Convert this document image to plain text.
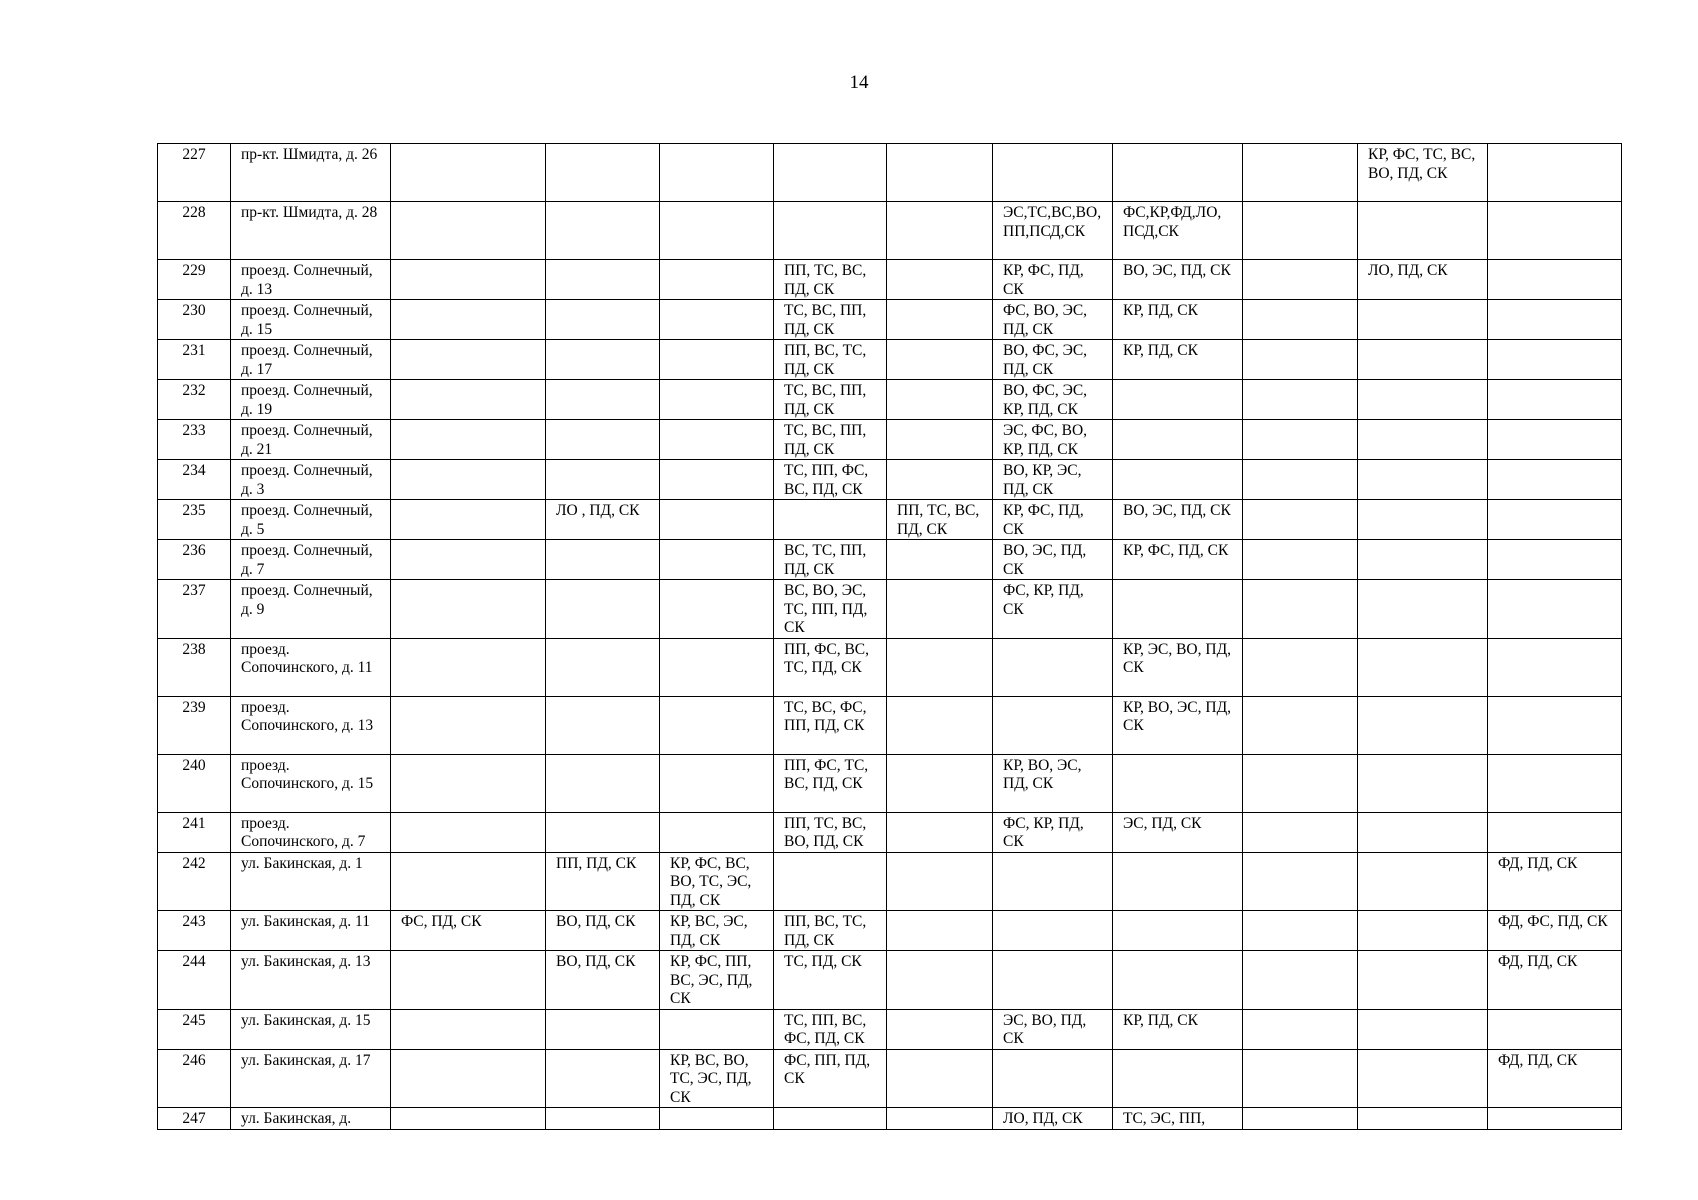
14
227	пр-кт. Шмидта, д. 26									КР, ФС, ТС, ВС, ВО, ПД, СК	
228	пр-кт. Шмидта, д. 28						ЭС,ТС,ВС,ВО,ПП,ПСД,СК	ФС,КР,ФД,ЛО, ПСД,СК			
229	проезд. Солнечный, д. 13				ПП, ТС, ВС, ПД, СК		КР, ФС, ПД, СК	ВО, ЭС, ПД, СК		ЛО, ПД, СК	
230	проезд. Солнечный, д. 15				ТС, ВС, ПП, ПД, СК		ФС, ВО, ЭС, ПД, СК	КР, ПД, СК			
231	проезд. Солнечный, д. 17				ПП, ВС, ТС, ПД, СК		ВО, ФС, ЭС, ПД, СК	КР, ПД, СК			
232	проезд. Солнечный, д. 19				ТС, ВС, ПП, ПД, СК		ВО, ФС, ЭС, КР, ПД, СК				
233	проезд. Солнечный, д. 21				ТС, ВС, ПП, ПД, СК		ЭС, ФС, ВО, КР, ПД, СК				
234	проезд. Солнечный, д. 3				ТС, ПП, ФС, ВС, ПД, СК		ВО, КР, ЭС, ПД, СК				
235	проезд. Солнечный, д. 5		ЛО , ПД, СК			ПП, ТС, ВС, ПД, СК	КР, ФС, ПД, СК	ВО, ЭС, ПД, СК			
236	проезд. Солнечный, д. 7				ВС, ТС, ПП, ПД, СК		ВО, ЭС, ПД, СК	КР, ФС, ПД, СК			
237	проезд. Солнечный, д. 9				ВС, ВО, ЭС, ТС, ПП, ПД, СК		ФС, КР, ПД, СК				
238	проезд. Сопочинского, д. 11				ПП, ФС, ВС, ТС, ПД, СК			КР, ЭС, ВО, ПД, СК			
239	проезд. Сопочинского, д. 13				ТС, ВС, ФС, ПП, ПД, СК			КР, ВО, ЭС, ПД, СК			
240	проезд. Сопочинского, д. 15				ПП, ФС, ТС, ВС, ПД, СК		КР, ВО, ЭС, ПД, СК				
241	проезд. Сопочинского, д. 7				ПП, ТС, ВС, ВО, ПД, СК		ФС, КР, ПД, СК	ЭС, ПД, СК			
242	ул. Бакинская, д. 1		ПП, ПД, СК	КР, ФС, ВС, ВО, ТС, ЭС, ПД, СК							ФД, ПД, СК
243	ул. Бакинская, д. 11	ФС, ПД, СК	ВО, ПД, СК	КР, ВС, ЭС, ПД, СК	ПП, ВС, ТС, ПД, СК						ФД, ФС, ПД, СК
244	ул. Бакинская, д. 13		ВО, ПД, СК	КР, ФС, ПП, ВС, ЭС, ПД, СК	ТС, ПД, СК						ФД, ПД, СК
245	ул. Бакинская, д. 15				ТС, ПП, ВС, ФС, ПД, СК		ЭС, ВО, ПД, СК	КР, ПД, СК			
246	ул. Бакинская, д. 17			КР, ВС, ВО, ТС, ЭС, ПД, СК	ФС, ПП, ПД, СК						ФД, ПД, СК
247	ул. Бакинская, д.						ЛО, ПД, СК	ТС, ЭС, ПП,			
